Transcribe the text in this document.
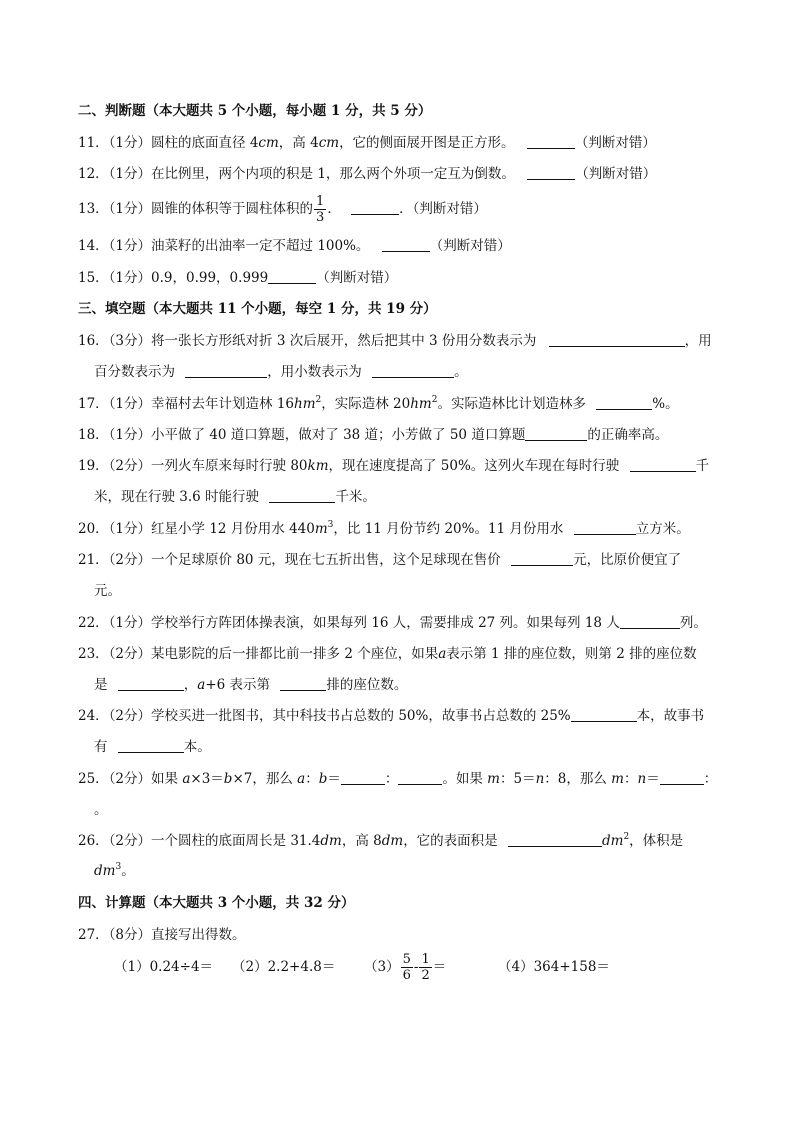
二、判断题（本大题共 5 个小题，每小题 1 分，共 5 分）
11．（1分）圆柱的底面直径 4cm，高 4cm，它的侧面展开图是正方形。	（判断对错）
12．（1分）在比例里，两个内项的积是 1，那么两个外项一定互为倒数。	（判断对错）
13．（1分）圆锥的体积等于圆柱体积的 $\frac{1}{3}$ ．	．（判断对错）
14．（1分）油菜籽的出油率一定不超过 100%。	（判断对错）
15．（1分）0.9，0.99，0.999	（判断对错）
三、填空题（本大题共 11 个小题，每空 1 分，共 19 分）
16．（3分）将一张长方形纸对折 3 次后展开，然后把其中 3 份用分数表示为	，用
百分数表示为	，用小数表示为	。
17．（1分）幸福村去年计划造林 $16hm^2$，实际造林 $20hm^2$。实际造林比计划造林多	%。
18．（1分）小平做了 40 道口算题，做对了 38 道；小芳做了 50 道口算题	的正确率高。
19．（2分）一列火车原来每时行驶 80km，现在速度提高了 50%。这列火车现在每时行驶	千
米，现在行驶 3.6 时能行驶	千米。
20．（1分）红星小学 12 月份用水 $440m^3$，比 11 月份节约 20%。11 月份用水	立方米。
21．（2分）一个足球原价 80 元，现在七五折出售，这个足球现在售价	元，比原价便宜了
元。
22．（1分）学校举行方阵团体操表演，如果每列 16 人，需要排成 27 列。如果每列 18 人	列。
23．（2分）某电影院的后一排都比前一排多 2 个座位，如果a表示第 1 排的座位数，则第 2 排的座位数
是	，a+6 表示第	排的座位数。
24．（2分）学校买进一批图书，其中科技书占总数的 50%，故事书占总数的 25%	本，故事书
有	本。
25．（2分）如果 a×3＝b×7，那么 a：b＝	：	。如果 m：5＝n：8，那么 m：n＝	：
。
26．（2分）一个圆柱的底面周长是 31.4dm，高 8dm，它的表面积是	$dm^2$，体积是
$dm^3$。
四、计算题（本大题共 3 个小题，共 32 分）
27．（8分）直接写出得数。
$(1)0.24\div 4= (2)2.2+4.8= (3) \frac{5}{6} - \frac{1}{2}$ ＝	（4）364+158＝
